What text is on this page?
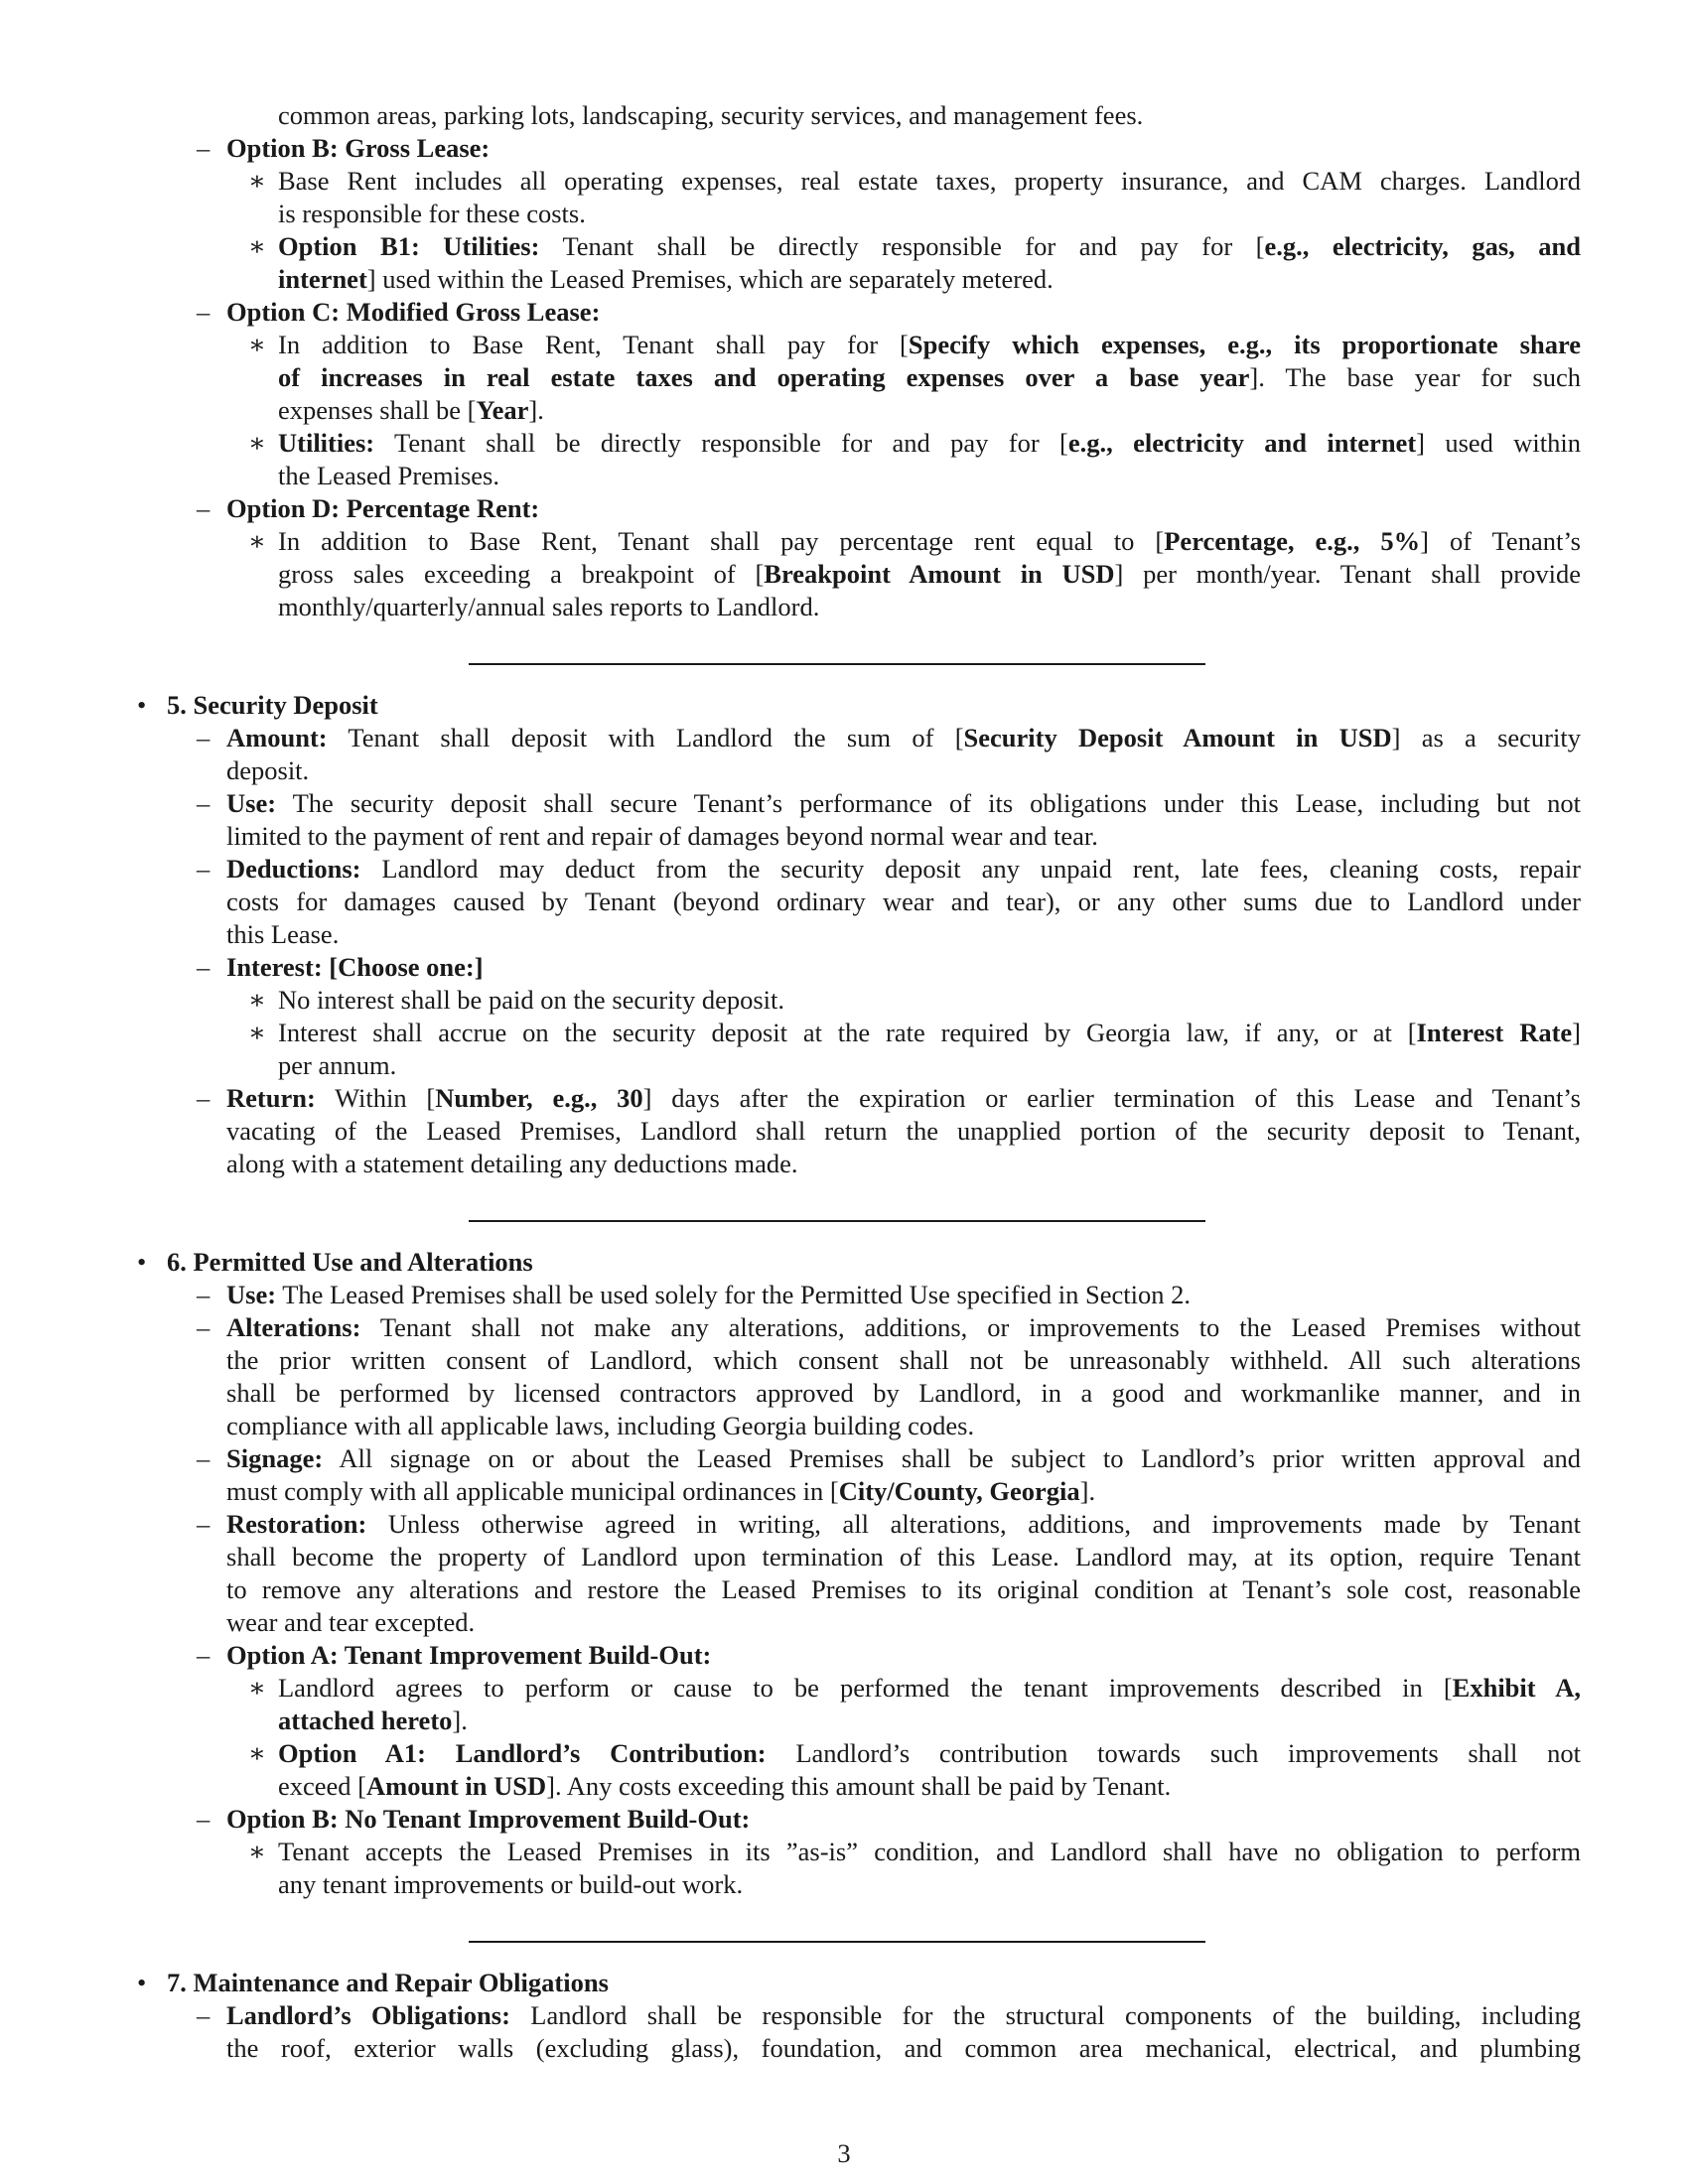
common areas, parking lots, landscaping, security services, and management fees.
– Option B: Gross Lease:
∗ Base Rent includes all operating expenses, real estate taxes, property insurance, and CAM charges. Landlord
is responsible for these costs.
∗ Option B1: Utilities: Tenant shall be directly responsible for and pay for [e.g., electricity, gas, and
internet] used within the Leased Premises, which are separately metered.
– Option C: Modified Gross Lease:
∗ In addition to Base Rent, Tenant shall pay for [Specify which expenses, e.g., its proportionate share
of increases in real estate taxes and operating expenses over a base year]. The base year for such
expenses shall be [Year].
∗ Utilities: Tenant shall be directly responsible for and pay for [e.g., electricity and internet] used within
the Leased Premises.
– Option D: Percentage Rent:
∗ In addition to Base Rent, Tenant shall pay percentage rent equal to [Percentage, e.g., 5%] of Tenant’s
gross sales exceeding a breakpoint of [Breakpoint Amount in USD] per month/year. Tenant shall provide
monthly/quarterly/annual sales reports to Landlord.
• 5. Security Deposit
– Amount: Tenant shall deposit with Landlord the sum of [Security Deposit Amount in USD] as a security
deposit.
– Use: The security deposit shall secure Tenant’s performance of its obligations under this Lease, including but not
limited to the payment of rent and repair of damages beyond normal wear and tear.
– Deductions: Landlord may deduct from the security deposit any unpaid rent, late fees, cleaning costs, repair
costs for damages caused by Tenant (beyond ordinary wear and tear), or any other sums due to Landlord under
this Lease.
– Interest: [Choose one:]
∗ No interest shall be paid on the security deposit.
∗ Interest shall accrue on the security deposit at the rate required by Georgia law, if any, or at [Interest Rate]
per annum.
– Return: Within [Number, e.g., 30] days after the expiration or earlier termination of this Lease and Tenant’s
vacating of the Leased Premises, Landlord shall return the unapplied portion of the security deposit to Tenant,
along with a statement detailing any deductions made.
• 6. Permitted Use and Alterations
– Use: The Leased Premises shall be used solely for the Permitted Use specified in Section 2.
– Alterations: Tenant shall not make any alterations, additions, or improvements to the Leased Premises without
the prior written consent of Landlord, which consent shall not be unreasonably withheld. All such alterations
shall be performed by licensed contractors approved by Landlord, in a good and workmanlike manner, and in
compliance with all applicable laws, including Georgia building codes.
– Signage: All signage on or about the Leased Premises shall be subject to Landlord’s prior written approval and
must comply with all applicable municipal ordinances in [City/County, Georgia].
– Restoration: Unless otherwise agreed in writing, all alterations, additions, and improvements made by Tenant
shall become the property of Landlord upon termination of this Lease. Landlord may, at its option, require Tenant
to remove any alterations and restore the Leased Premises to its original condition at Tenant’s sole cost, reasonable
wear and tear excepted.
– Option A: Tenant Improvement Build-Out:
∗ Landlord agrees to perform or cause to be performed the tenant improvements described in [Exhibit A,
attached hereto].
∗ Option A1: Landlord’s Contribution: Landlord’s contribution towards such improvements shall not
exceed [Amount in USD]. Any costs exceeding this amount shall be paid by Tenant.
– Option B: No Tenant Improvement Build-Out:
∗ Tenant accepts the Leased Premises in its ”as-is” condition, and Landlord shall have no obligation to perform
any tenant improvements or build-out work.
• 7. Maintenance and Repair Obligations
– Landlord’s Obligations: Landlord shall be responsible for the structural components of the building, including
the roof, exterior walls (excluding glass), foundation, and common area mechanical, electrical, and plumbing
3
